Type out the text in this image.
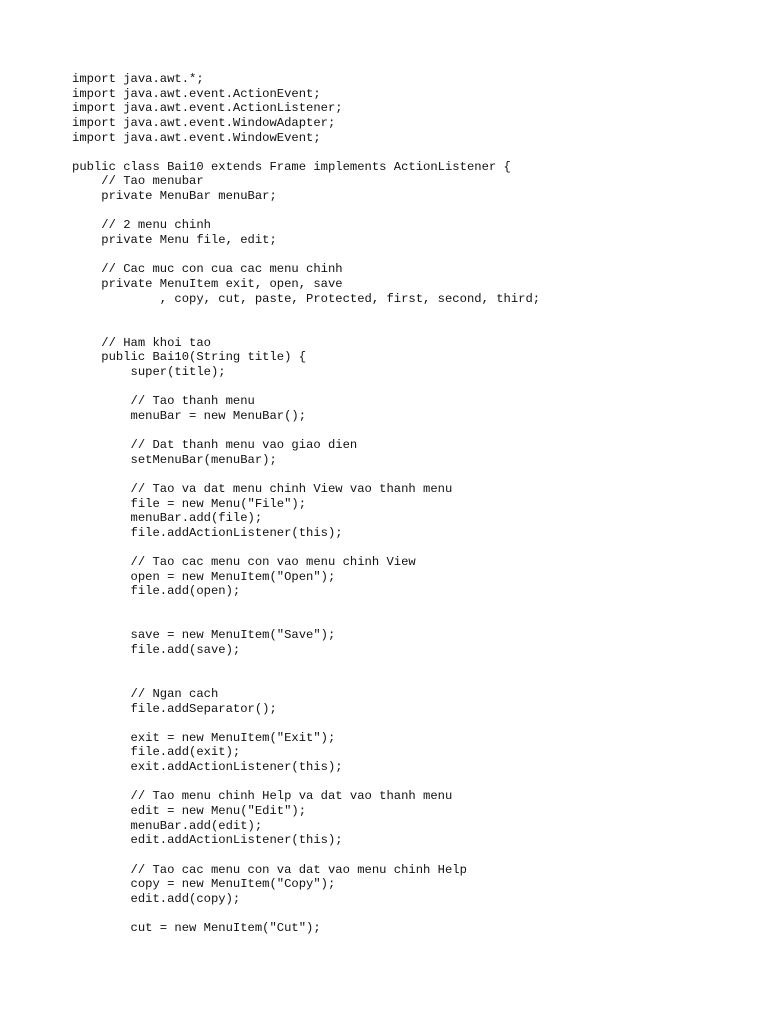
import java.awt.*;
import java.awt.event.ActionEvent;
import java.awt.event.ActionListener;
import java.awt.event.WindowAdapter;
import java.awt.event.WindowEvent;
public class Bai10 extends Frame implements ActionListener {
// Tao menubar
private MenuBar menuBar;
// 2 menu chinh
private Menu file, edit;
// Cac muc con cua cac menu chinh
private MenuItem exit, open, save
, copy, cut, paste, Protected, first, second, third;
// Ham khoi tao
public Bai10(String title) {
super(title);
// Tao thanh menu
menuBar = new MenuBar();
// Dat thanh menu vao giao dien
setMenuBar(menuBar);
// Tao va dat menu chinh View vao thanh menu
file = new Menu("File");
menuBar.add(file);
file.addActionListener(this);
// Tao cac menu con vao menu chinh View
open = new MenuItem("Open");
file.add(open);
save = new MenuItem("Save");
file.add(save);
// Ngan cach
file.addSeparator();
exit = new MenuItem("Exit");
file.add(exit);
exit.addActionListener(this);
// Tao menu chinh Help va dat vao thanh menu
edit = new Menu("Edit");
menuBar.add(edit);
edit.addActionListener(this);
// Tao cac menu con va dat vao menu chinh Help
copy = new MenuItem("Copy");
edit.add(copy);
cut = new MenuItem("Cut");
